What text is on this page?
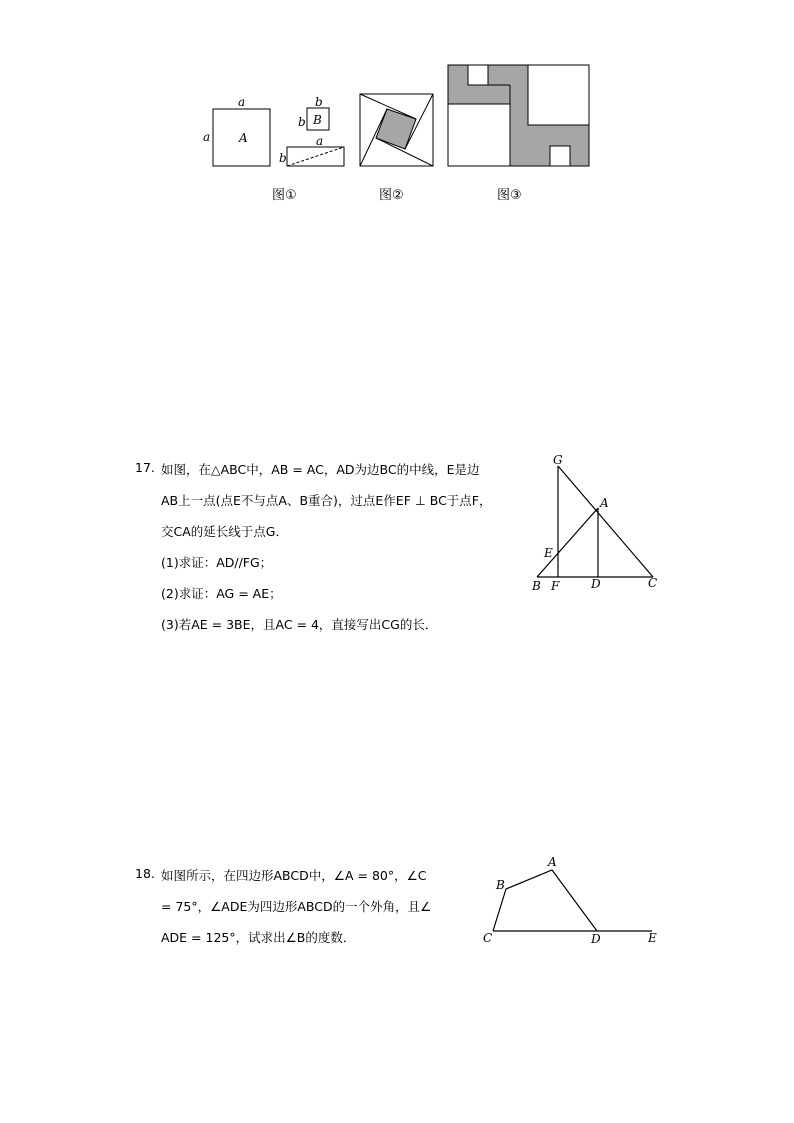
a
a A
b
b B
b
a
图①	图②	图③
17. 如图，在△ABC中，AB = AC，AD为边BC的中线，E是边
AB上一点(点E不与点A、B重合)，过点E作EF ⊥ BC于点F，
交CA的延长线于点G．
(1)求证：AD//FG；
(2)求证：AG = AE；
(3)若AE = 3BE，且AC = 4，直接写出CG的长．
G
A
E
B F	D	C
18. 如图所示，在四边形ABCD中，∠A = 80°，∠C
= 75°，∠ADE为四边形ABCD的一个外角，且∠
ADE = 125°，试求出∠B的度数．
A
B
C	D	E
